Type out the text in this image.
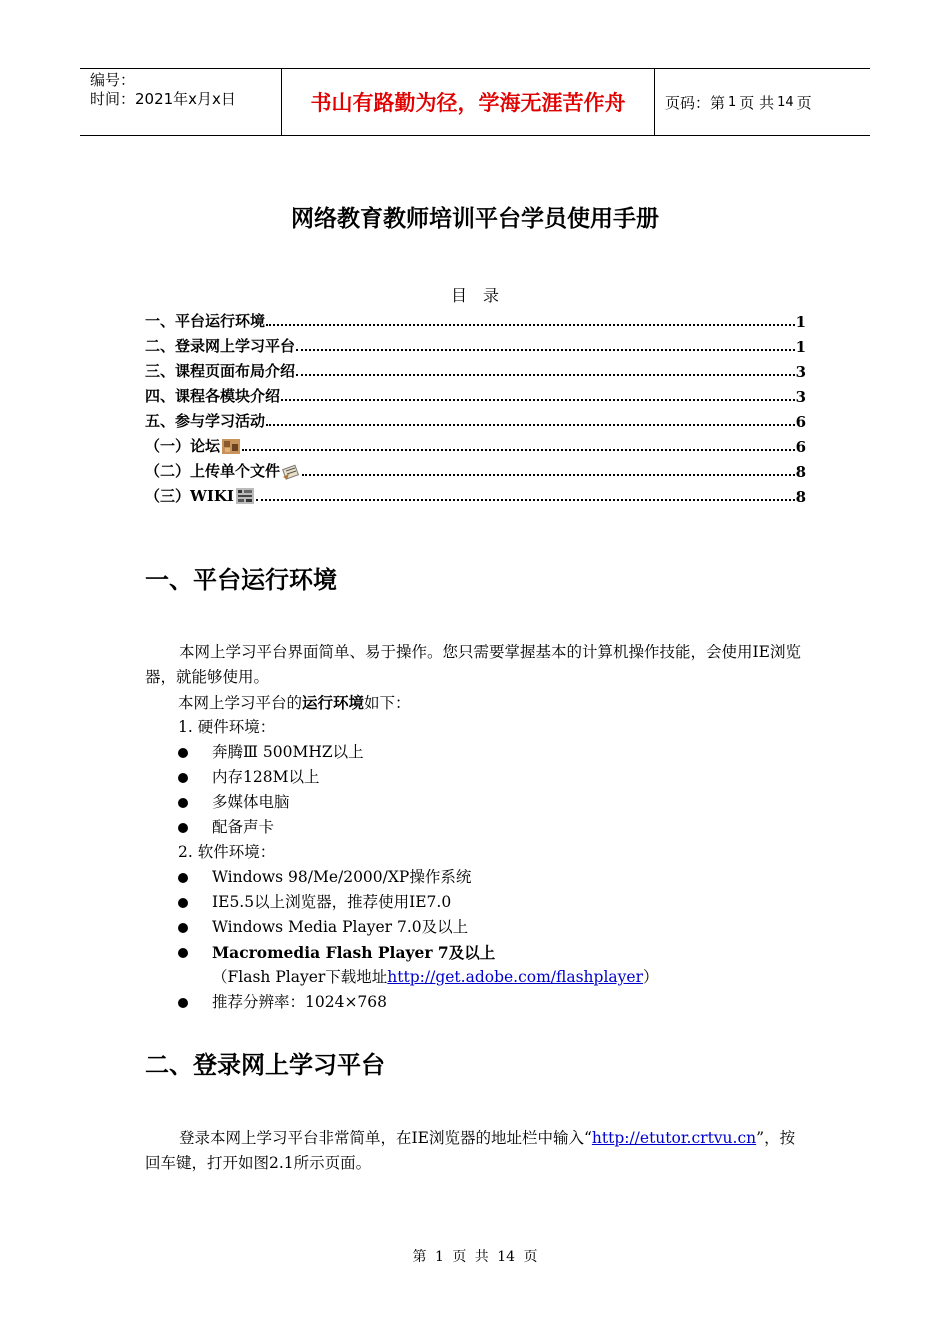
编号：
时间：2021年x月x日	书山有路勤为径，学海无涯苦作舟	页码：第 1 页 共 14 页
网络教育教师培训平台学员使用手册
目录
一、平台运行环境	1
二、登录网上学习平台	1
三、课程页面布局介绍	3
四、课程各模块介绍	3
五、参与学习活动	6
（一）论坛	6
（二）上传单个文件	8
（三）WIKI	8
一、平台运行环境
本网上学习平台界面简单、易于操作。您只需要掌握基本的计算机操作技能，会使用IE浏览器，就能够使用。
本网上学习平台的运行环境如下：
1. 硬件环境：
奔腾Ⅲ 500MHZ以上
内存128M以上
多媒体电脑
配备声卡
2. 软件环境：
Windows 98/Me/2000/XP操作系统
IE5.5以上浏览器，推荐使用IE7.0
Windows Media Player 7.0及以上
Macromedia Flash Player 7及以上
（Flash Player下载地址http://get.adobe.com/flashplayer）
推荐分辨率：1024×768
二、登录网上学习平台
登录本网上学习平台非常简单，在IE浏览器的地址栏中输入“http://etutor.crtvu.cn”，按回车键，打开如图2.1所示页面。
第 1 页 共 14 页
